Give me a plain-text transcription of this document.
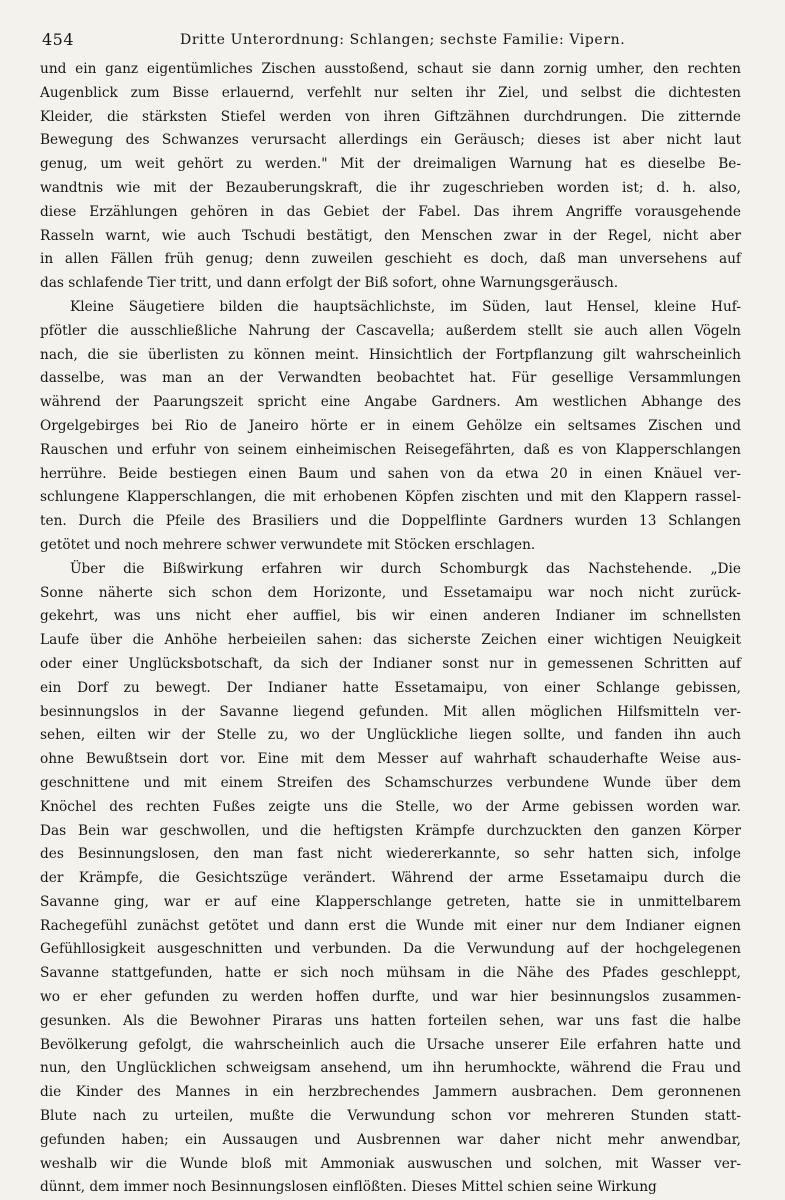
454	Dritte Unterordnung: Schlangen; sechste Familie: Vipern.
und ein ganz eigentümliches Zischen ausstoßend, schaut sie dann zornig umher, den rechten
Augenblick zum Bisse erlauernd, verfehlt nur selten ihr Ziel, und selbst die dichtesten
Kleider, die stärksten Stiefel werden von ihren Giftzähnen durchdrungen. Die zitternde
Bewegung des Schwanzes verursacht allerdings ein Geräusch; dieses ist aber nicht laut
genug, um weit gehört zu werden." Mit der dreimaligen Warnung hat es dieselbe Be-
wandtnis wie mit der Bezauberungskraft, die ihr zugeschrieben worden ist; d. h. also,
diese Erzählungen gehören in das Gebiet der Fabel. Das ihrem Angriffe vorausgehende
Rasseln warnt, wie auch Tschudi bestätigt, den Menschen zwar in der Regel, nicht aber
in allen Fällen früh genug; denn zuweilen geschieht es doch, daß man unversehens auf
das schlafende Tier tritt, und dann erfolgt der Biß sofort, ohne Warnungsgeräusch.
Kleine Säugetiere bilden die hauptsächlichste, im Süden, laut Hensel, kleine Huf-
pfötler die ausschließliche Nahrung der Cascavella; außerdem stellt sie auch allen Vögeln
nach, die sie überlisten zu können meint. Hinsichtlich der Fortpflanzung gilt wahrscheinlich
dasselbe, was man an der Verwandten beobachtet hat. Für gesellige Versammlungen
während der Paarungszeit spricht eine Angabe Gardners. Am westlichen Abhange des
Orgelgebirges bei Rio de Janeiro hörte er in einem Gehölze ein seltsames Zischen und
Rauschen und erfuhr von seinem einheimischen Reisegefährten, daß es von Klapperschlangen
herrühre. Beide bestiegen einen Baum und sahen von da etwa 20 in einen Knäuel ver-
schlungene Klapperschlangen, die mit erhobenen Köpfen zischten und mit den Klappern rassel-
ten. Durch die Pfeile des Brasiliers und die Doppelflinte Gardners wurden 13 Schlangen
getötet und noch mehrere schwer verwundete mit Stöcken erschlagen.
Über die Bißwirkung erfahren wir durch Schomburgk das Nachstehende. „Die
Sonne näherte sich schon dem Horizonte, und Essetamaipu war noch nicht zurück-
gekehrt, was uns nicht eher auffiel, bis wir einen anderen Indianer im schnellsten
Laufe über die Anhöhe herbeieilen sahen: das sicherste Zeichen einer wichtigen Neuigkeit
oder einer Unglücksbotschaft, da sich der Indianer sonst nur in gemessenen Schritten auf
ein Dorf zu bewegt. Der Indianer hatte Essetamaipu, von einer Schlange gebissen,
besinnungslos in der Savanne liegend gefunden. Mit allen möglichen Hilfsmitteln ver-
sehen, eilten wir der Stelle zu, wo der Unglückliche liegen sollte, und fanden ihn auch
ohne Bewußtsein dort vor. Eine mit dem Messer auf wahrhaft schauderhafte Weise aus-
geschnittene und mit einem Streifen des Schamschurzes verbundene Wunde über dem
Knöchel des rechten Fußes zeigte uns die Stelle, wo der Arme gebissen worden war.
Das Bein war geschwollen, und die heftigsten Krämpfe durchzuckten den ganzen Körper
des Besinnungslosen, den man fast nicht wiedererkannte, so sehr hatten sich, infolge
der Krämpfe, die Gesichtszüge verändert. Während der arme Essetamaipu durch die
Savanne ging, war er auf eine Klapperschlange getreten, hatte sie in unmittelbarem
Rachegefühl zunächst getötet und dann erst die Wunde mit einer nur dem Indianer eignen
Gefühllosigkeit ausgeschnitten und verbunden. Da die Verwundung auf der hochgelegenen
Savanne stattgefunden, hatte er sich noch mühsam in die Nähe des Pfades geschleppt,
wo er eher gefunden zu werden hoffen durfte, und war hier besinnungslos zusammen-
gesunken. Als die Bewohner Piraras uns hatten forteilen sehen, war uns fast die halbe
Bevölkerung gefolgt, die wahrscheinlich auch die Ursache unserer Eile erfahren hatte und
nun, den Unglücklichen schweigsam ansehend, um ihn herumhockte, während die Frau und
die Kinder des Mannes in ein herzbrechendes Jammern ausbrachen. Dem geronnenen
Blute nach zu urteilen, mußte die Verwundung schon vor mehreren Stunden statt-
gefunden haben; ein Aussaugen und Ausbrennen war daher nicht mehr anwendbar,
weshalb wir die Wunde bloß mit Ammoniak auswuschen und solchen, mit Wasser ver-
dünnt, dem immer noch Besinnungslosen einflößten. Dieses Mittel schien seine Wirkung
